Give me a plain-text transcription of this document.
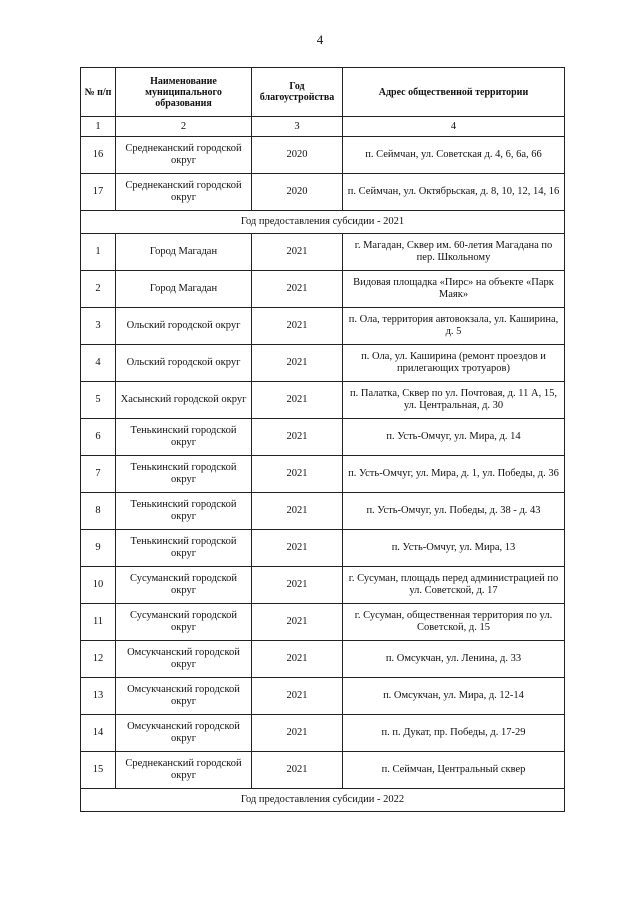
4
№ п/п	Наименование муниципального образования	Год благоустройства	Адрес общественной территории
1	2	3	4
16	Среднеканский городской округ	2020	п. Сеймчан, ул. Советская д. 4, 6, 6а, 66
17	Среднеканский городской округ	2020	п. Сеймчан, ул. Октябрьская, д. 8, 10, 12, 14, 16
Год предоставления субсидии - 2021			
1	Город Магадан	2021	г. Магадан, Сквер им. 60-летия Магадана по пер. Школьному
2	Город Магадан	2021	Видовая площадка «Пирс» на объекте «Парк Маяк»
3	Ольский городской округ	2021	п. Ола, территория автовокзала, ул. Каширина, д. 5
4	Ольский городской округ	2021	п. Ола, ул. Каширина (ремонт проездов и прилегающих тротуаров)
5	Хасынский городской округ	2021	п. Палатка, Сквер по ул. Почтовая, д. 11 А, 15, ул. Центральная, д. 30
6	Тенькинский городской округ	2021	п. Усть-Омчуг, ул. Мира, д. 14
7	Тенькинский городской округ	2021	п. Усть-Омчуг, ул. Мира, д. 1, ул. Победы, д. 36
8	Тенькинский городской округ	2021	п. Усть-Омчуг, ул. Победы, д. 38 - д. 43
9	Тенькинский городской округ	2021	п. Усть-Омчуг, ул. Мира, 13
10	Сусуманский городской округ	2021	г. Сусуман, площадь перед администрацией по ул. Советской, д. 17
11	Сусуманский городской округ	2021	г. Сусуман, общественная территория по ул. Советской, д. 15
12	Омсукчанский городской округ	2021	п. Омсукчан, ул. Ленина, д. 33
13	Омсукчанский городской округ	2021	п. Омсукчан, ул. Мира, д. 12-14
14	Омсукчанский городской округ	2021	п. п. Дукат, пр. Победы, д. 17-29
15	Среднеканский городской округ	2021	п. Сеймчан, Центральный сквер
Год предоставления субсидии - 2022			
